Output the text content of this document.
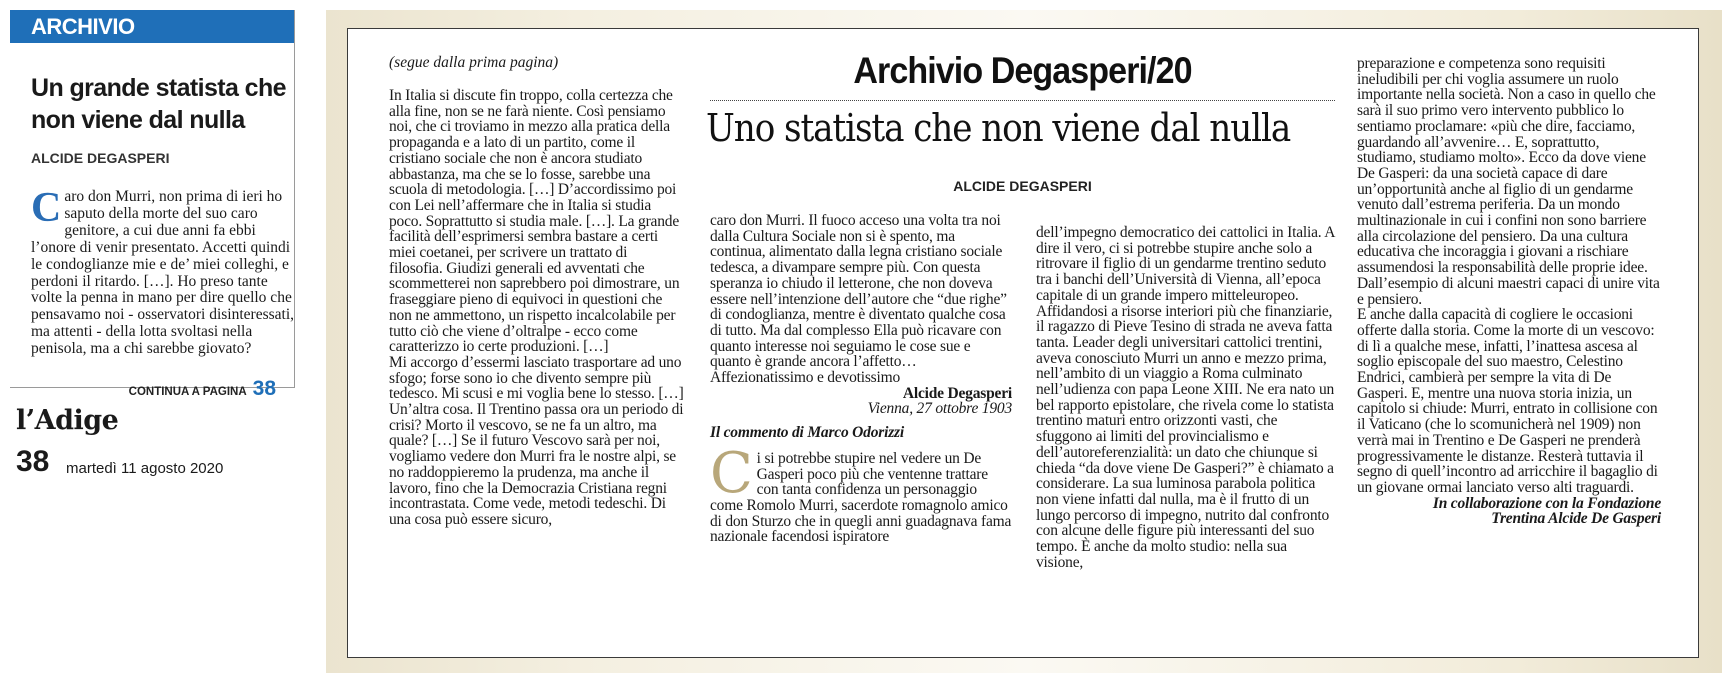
ARCHIVIO DEGASPERI/20
Un grande statista che non viene dal nulla
ALCIDE DEGASPERI
Caro don Murri, non prima di ieri ho saputo della morte del suo caro genitore, a cui due anni fa ebbi l’onore di venir presentato. Accetti quindi le condoglianze mie e de’ miei colleghi, e perdoni il ritardo. […]. Ho preso tante volte la penna in mano per dire quello che pensavamo noi - osservatori disinteressati, ma attenti - della lotta svoltasi nella penisola, ma a chi sarebbe giovato?
CONTINUA A PAGINA 38
l’Adige
38 martedì 11 agosto 2020
(segue dalla prima pagina)

In Italia si discute fin troppo, colla certezza che alla fine, non se ne farà niente. Così pensiamo noi, che ci troviamo in mezzo alla pratica della propaganda e a lato di un partito, come il cristiano sociale che non è ancora studiato abbastanza, ma che se lo fosse, sarebbe una scuola di metodologia. […] D’accordissimo poi con Lei nell’affermare che in Italia si studia poco. Soprattutto si studia male. […]. La grande facilità dell’esprimersi sembra bastare a certi miei coetanei, per scrivere un trattato di filosofia. Giudizi generali ed avventati che scommetterei non saprebbero poi dimostrare, un fraseggiare pieno di equivoci in questioni che non ne ammettono, un rispetto incalcolabile per tutto ciò che viene d’oltralpe - ecco come caratterizzo io certe produzioni. […]

Mi accorgo d’essermi lasciato trasportare ad uno sfogo; forse sono io che divento sempre più tedesco. Mi scusi e mi voglia bene lo stesso. […]

Un’altra cosa. Il Trentino passa ora un periodo di crisi? Morto il vescovo, se ne fa un altro, ma quale? […] Se il futuro Vescovo sarà per noi, vogliamo vedere don Murri fra le nostre alpi, se no raddoppieremo la prudenza, ma anche il lavoro, fino che la Democrazia Cristiana regni incontrastata. Come vede, metodi tedeschi. Di una cosa può essere sicuro,

Archivio Degasperi/20
Uno statista che non viene dal nulla
ALCIDE DEGASPERI

caro don Murri. Il fuoco acceso una volta tra noi dalla Cultura Sociale non si è spento, ma continua, alimentato dalla legna cristiano sociale tedesca, a divampare sempre più. Con questa speranza io chiudo il letterone, che non doveva essere nell’intenzione dell’autore che “due righe” di condoglianza, mentre è diventato qualche cosa di tutto. Ma dal complesso Ella può ricavare con quanto interesse noi seguiamo le cose sue e quanto è grande ancora l’affetto…

Affezionatissimo e devotissimo

Alcide Degasperi

Vienna, 27 ottobre 1903

Il commento di Marco Odorizzi

Ci si potrebbe stupire nel vedere un De Gasperi poco più che ventenne trattare con tanta confidenza un personaggio come Romolo Murri, sacerdote romagnolo amico di don Sturzo che in quegli anni guadagnava fama nazionale facendosi ispiratore

dell’impegno democratico dei cattolici in Italia. A dire il vero, ci si potrebbe stupire anche solo a ritrovare il figlio di un gendarme trentino seduto tra i banchi dell’Università di Vienna, all’epoca capitale di un grande impero mitteleuropeo. Affidandosi a risorse interiori più che finanziarie, il ragazzo di Pieve Tesino di strada ne aveva fatta tanta. Leader degli universitari cattolici trentini, aveva conosciuto Murri un anno e mezzo prima, nell’ambito di un viaggio a Roma culminato nell’udienza con papa Leone XIII. Ne era nato un bel rapporto epistolare, che rivela come lo statista trentino maturi entro orizzonti vasti, che sfuggono ai limiti del provincialismo e dell’autoreferenzialità: un dato che chiunque si chieda “da dove viene De Gasperi?” è chiamato a considerare. La sua luminosa parabola politica non viene infatti dal nulla, ma è il frutto di un lungo percorso di impegno, nutrito dal confronto con alcune delle figure più interessanti del suo tempo. È anche da molto studio: nella sua visione,

preparazione e competenza sono requisiti ineludibili per chi voglia assumere un ruolo importante nella società. Non a caso in quello che sarà il suo primo vero intervento pubblico lo sentiamo proclamare: «più che dire, facciamo, guardando all’avvenire… E, soprattutto, studiamo, studiamo molto». Ecco da dove viene De Gasperi: da una società capace di dare un’opportunità anche al figlio di un gendarme venuto dall’estrema periferia. Da un mondo multinazionale in cui i confini non sono barriere alla circolazione del pensiero. Da una cultura educativa che incoraggia i giovani a rischiare assumendosi la responsabilità delle proprie idee. Dall’esempio di alcuni maestri capaci di unire vita e pensiero.

E anche dalla capacità di cogliere le occasioni offerte dalla storia. Come la morte di un vescovo: di lì a qualche mese, infatti, l’inattesa ascesa al soglio episcopale del suo maestro, Celestino Endrici, cambierà per sempre la vita di De Gasperi. E, mentre una nuova storia inizia, un capitolo si chiude: Murri, entrato in collisione con il Vaticano (che lo scomunicherà nel 1909) non verrà mai in Trentino e De Gasperi ne prenderà progressivamente le distanze. Resterà tuttavia il segno di quell’incontro ad arricchire il bagaglio di un giovane ormai lanciato verso alti traguardi.

In collaborazione con la Fondazione

Trentina Alcide De Gasperi
